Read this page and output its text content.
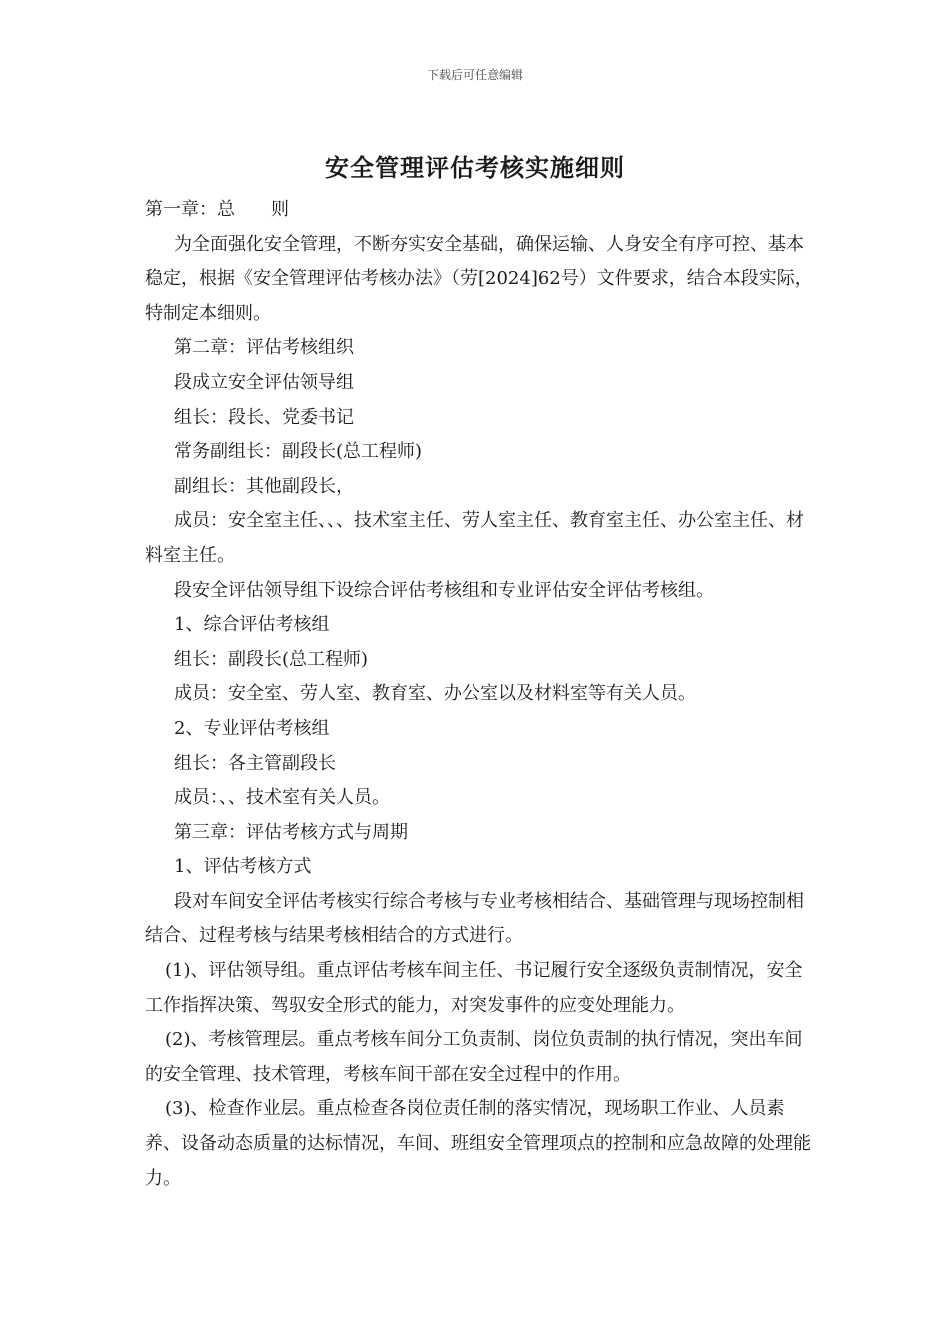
下载后可任意编辑
安全管理评估考核实施细则

第一章：总　　则

为全面强化安全管理，不断夯实安全基础，确保运输、人身安全有序可控、基本稳定，根据《安全管理评估考核办法》（劳[2024]62号）文件要求，结合本段实际，特制定本细则。

第二章：评估考核组织

段成立安全评估领导组

组长：段长、党委书记

常务副组长：副段长(总工程师)

副组长：其他副段长，

成员：安全室主任、、、技术室主任、劳人室主任、教育室主任、办公室主任、材料室主任。

段安全评估领导组下设综合评估考核组和专业评估安全评估考核组。

1、综合评估考核组

组长：副段长(总工程师)

成员：安全室、劳人室、教育室、办公室以及材料室等有关人员。

2、专业评估考核组

组长：各主管副段长

成员：、、技术室有关人员。

第三章：评估考核方式与周期

1、评估考核方式

段对车间安全评估考核实行综合考核与专业考核相结合、基础管理与现场控制相结合、过程考核与结果考核相结合的方式进行。

(1)、评估领导组。重点评估考核车间主任、书记履行安全逐级负责制情况，安全工作指挥决策、驾驭安全形式的能力，对突发事件的应变处理能力。

(2)、考核管理层。重点考核车间分工负责制、岗位负责制的执行情况，突出车间的安全管理、技术管理，考核车间干部在安全过程中的作用。

(3)、检查作业层。重点检查各岗位责任制的落实情况，现场职工作业、人员素养、设备动态质量的达标情况，车间、班组安全管理项点的控制和应急故障的处理能力。
